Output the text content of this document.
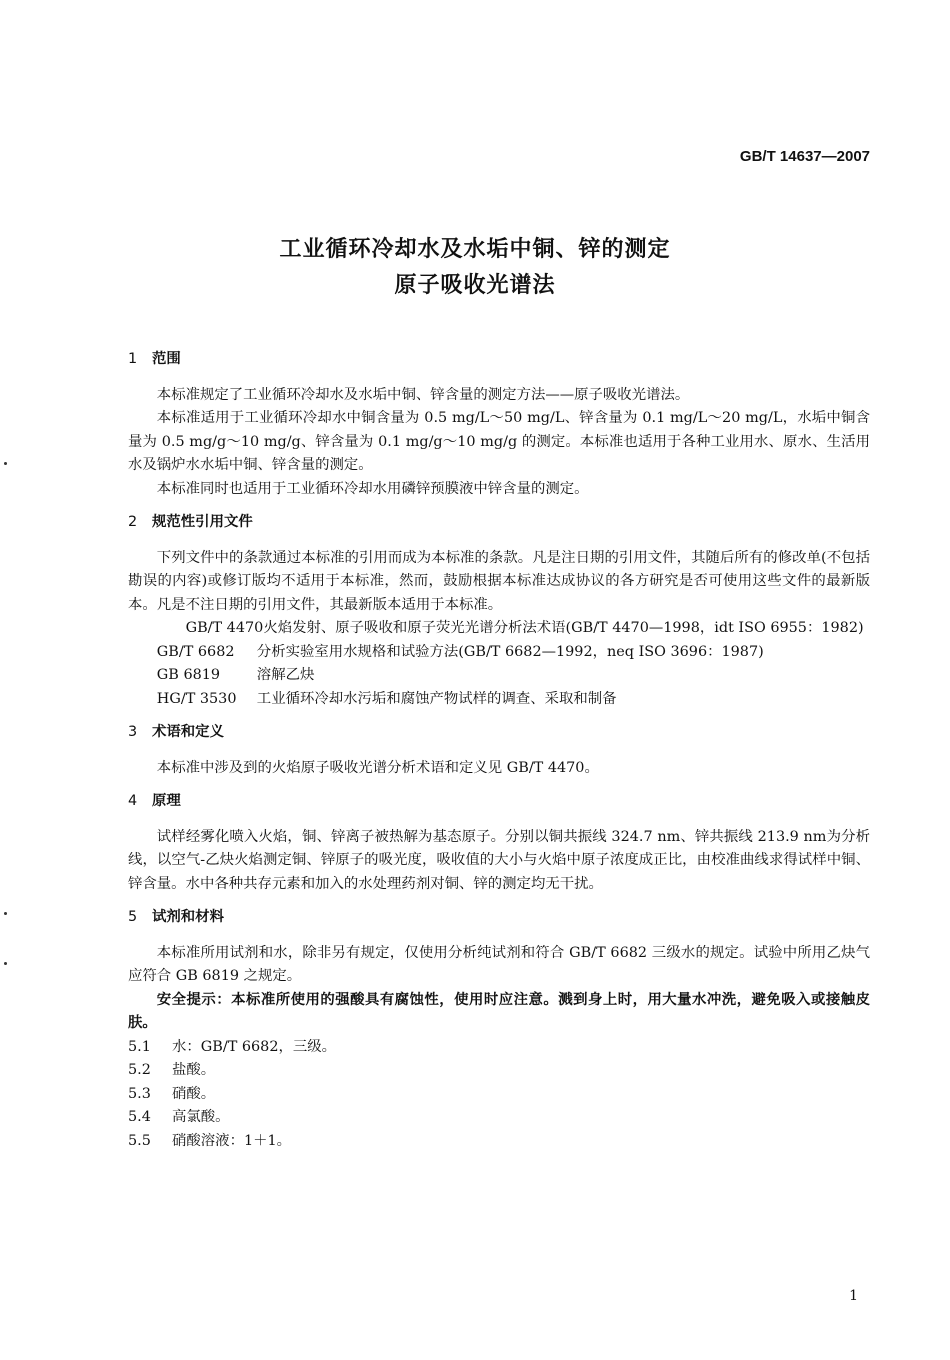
GB/T 14637—2007
工业循环冷却水及水垢中铜、锌的测定
原子吸收光谱法

1 范围

本标准规定了工业循环冷却水及水垢中铜、锌含量的测定方法——原子吸收光谱法。

本标准适用于工业循环冷却水中铜含量为 0.5 mg/L～50 mg/L、锌含量为 0.1 mg/L～20 mg/L，水垢中铜含量为 0.5 mg/g～10 mg/g、锌含量为 0.1 mg/g～10 mg/g 的测定。本标准也适用于各种工业用水、原水、生活用水及锅炉水水垢中铜、锌含量的测定。

本标准同时也适用于工业循环冷却水用磷锌预膜液中锌含量的测定。

2 规范性引用文件

下列文件中的条款通过本标准的引用而成为本标准的条款。凡是注日期的引用文件，其随后所有的修改单(不包括勘误的内容)或修订版均不适用于本标准，然而，鼓励根据本标准达成协议的各方研究是否可使用这些文件的最新版本。凡是不注日期的引用文件，其最新版本适用于本标准。

GB/T 4470火焰发射、原子吸收和原子荧光光谱分析法术语(GB/T 4470—1998，idt ISO 6955：1982)

GB/T 6682 分析实验室用水规格和试验方法(GB/T 6682—1992，neq ISO 3696：1987)

GB 6819	溶解乙炔

HG/T 3530 工业循环冷却水污垢和腐蚀产物试样的调查、采取和制备

3 术语和定义

本标准中涉及到的火焰原子吸收光谱分析术语和定义见 GB/T 4470。

4 原理

试样经雾化喷入火焰，铜、锌离子被热解为基态原子。分别以铜共振线 324.7 nm、锌共振线 213.9 nm为分析线，以空气-乙炔火焰测定铜、锌原子的吸光度，吸收值的大小与火焰中原子浓度成正比，由校准曲线求得试样中铜、锌含量。水中各种共存元素和加入的水处理药剂对铜、锌的测定均无干扰。

5 试剂和材料

本标准所用试剂和水，除非另有规定，仅使用分析纯试剂和符合 GB/T 6682 三级水的规定。试验中所用乙炔气应符合 GB 6819 之规定。

安全提示：本标准所使用的强酸具有腐蚀性，使用时应注意。溅到身上时，用大量水冲洗，避免吸入或接触皮肤。

5.1 水：GB/T 6682，三级。

5.2 盐酸。

5.3 硝酸。

5.4 高氯酸。

5.5 硝酸溶液：1＋1。

1
